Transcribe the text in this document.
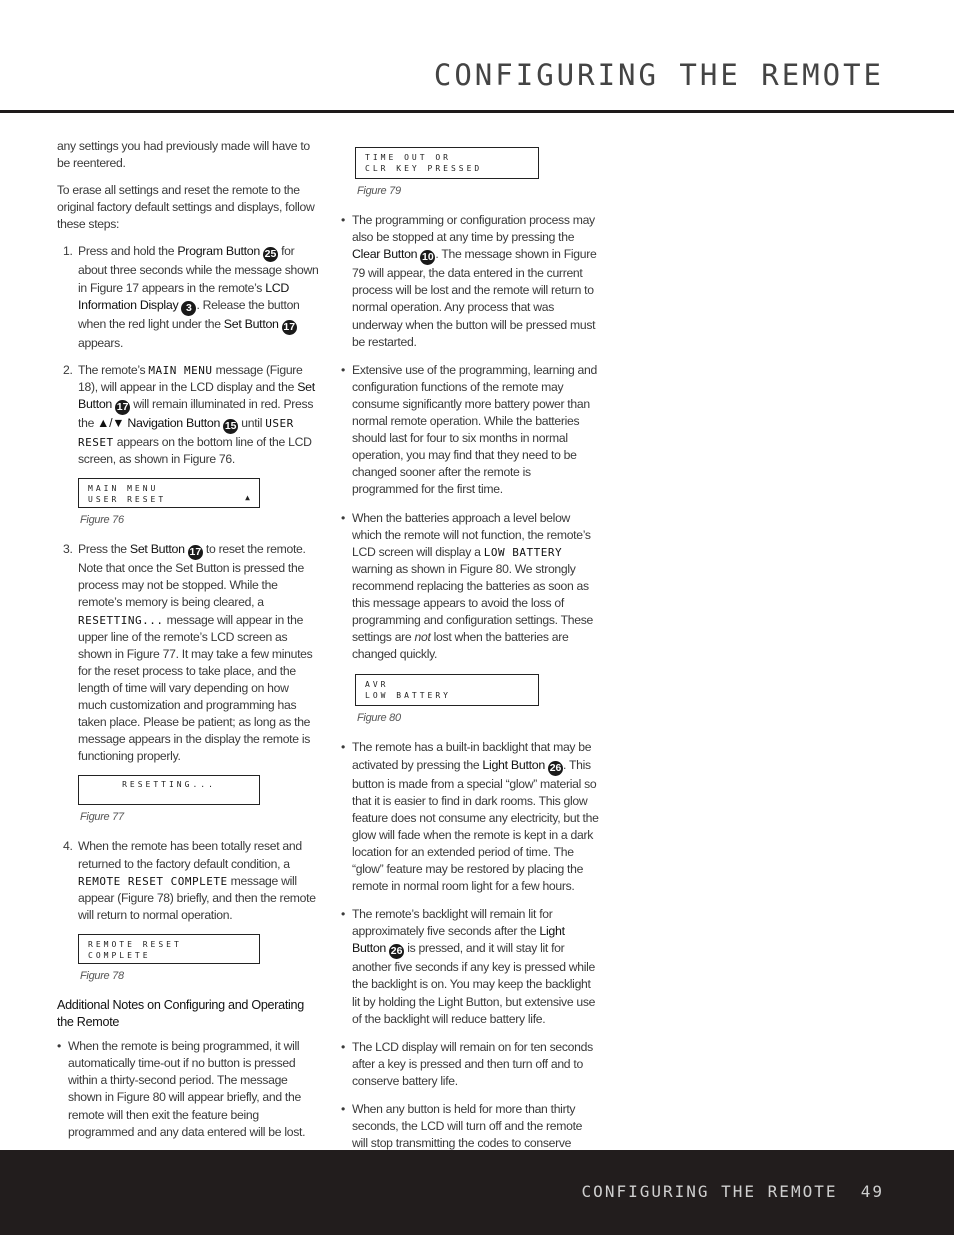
CONFIGURING THE REMOTE

any settings you had previously made will have to be reentered.

To erase all settings and reset the remote to the original factory default settings and displays, follow these steps:

1. Press and hold the Program Button 25 for about three seconds while the message shown in Figure 17 appears in the remote’s LCD Information Display 3 . Release the button when the red light under the Set Button 17 appears.
2. The remote’s MAIN MENU message (Figure 18), will appear in the LCD display and the Set Button 17 will remain illuminated in red. Press the ▲/▼ Navigation Button 15 until USER RESET appears on the bottom line of the LCD screen, as shown in Figure 76.
MAIN MENU
USER RESET	▲
Figure 76
3. Press the Set Button 17 to reset the remote. Note that once the Set Button is pressed the process may not be stopped. While the remote’s memory is being cleared, a RESETTING... message will appear in the upper line of the remote’s LCD screen as shown in Figure 77. It may take a few minutes for the reset process to take place, and the length of time will vary depending on how much customization and programming has taken place. Please be patient; as long as the message appears in the display the remote is functioning properly.
RESETTING...
Figure 77
4. When the remote has been totally reset and returned to the factory default condition, a REMOTE RESET COMPLETE message will appear (Figure 78) briefly, and then the remote will return to normal operation.
REMOTE RESET
COMPLETE
Figure 78
Additional Notes on Configuring and Operating the Remote
• When the remote is being programmed, it will automatically time-out if no button is pressed within a thirty-second period. The message shown in Figure 80 will appear briefly, and the remote will then exit the feature being programmed and any data entered will be lost.
TIME OUT OR
CLR KEY PRESSED
Figure 79
• The programming or configuration process may also be stopped at any time by pressing the Clear Button 10 . The message shown in Figure 79 will appear, the data entered in the current process will be lost and the remote will return to normal operation. Any process that was underway when the button will be pressed must be restarted.
• Extensive use of the programming, learning and configuration functions of the remote may consume significantly more battery power than normal remote operation. While the batteries should last for four to six months in normal operation, you may find that they need to be changed sooner after the remote is programmed for the first time.
• When the batteries approach a level below which the remote will not function, the remote’s LCD screen will display a LOW BATTERY warning as shown in Figure 80. We strongly recommend replacing the batteries as soon as this message appears to avoid the loss of programming and configuration settings. These settings are not lost when the batteries are changed quickly.
AVR
LOW BATTERY
Figure 80
• The remote has a built-in backlight that may be activated by pressing the Light Button 26 . This button is made from a special “glow” material so that it is easier to find in dark rooms. This glow feature does not consume any electricity, but the glow will fade when the remote is kept in a dark location for an extended period of time. The “glow” feature may be restored by placing the remote in normal room light for a few hours.
• The remote’s backlight will remain lit for approximately five seconds after the Light Button 26 is pressed, and it will stay lit for another five seconds if any key is pressed while the backlight is on. You may keep the backlight lit by holding the Light Button, but extensive use of the backlight will reduce battery life.
• The LCD display will remain on for ten seconds after a key is pressed and then turn off and to conserve battery life.
• When any button is held for more than thirty seconds, the LCD will turn off and the remote will stop transmitting the codes to conserve
CONFIGURING THE REMOTE 49
